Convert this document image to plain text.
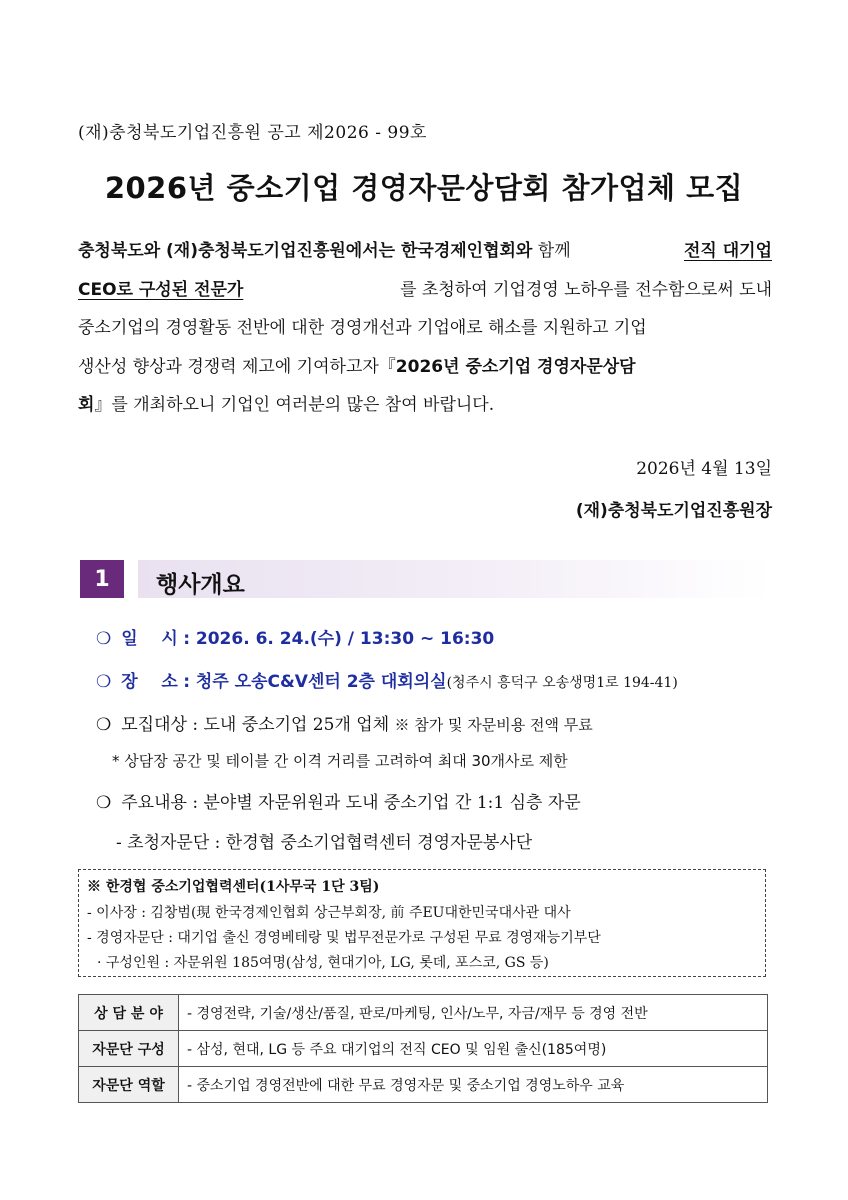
(재)충청북도기업진흥원 공고 제2026 - 99호
2026년 중소기업 경영자문상담회 참가업체 모집
충청북도와 (재)충청북도기업진흥원에서는 한국경제인협회와 함께	전직 대기업
CEO로 구성된 전문가	를 초청하여 기업경영 노하우를 전수함으로써 도내
중소기업의 경영활동 전반에 대한 경영개선과 기업애로 해소를 지원하고 기업
생산성 향상과 경쟁력 제고에 기여하고자『2026년 중소기업 경영자문상담
회』를 개최하오니 기업인 여러분의 많은 참여 바랍니다.
2026년 4월 13일
(재)충청북도기업진흥원장
1	행사개요
❍ 일    시 : 2026. 6. 24.(수) / 13:30 ~ 16:30
❍ 장    소 : 청주 오송C&V센터 2층 대회의실(청주시 흥덕구 오송생명1로 194-41)
❍ 모집대상 : 도내 중소기업 25개 업체 ※ 참가 및 자문비용 전액 무료
* 상담장 공간 및 테이블 간 이격 거리를 고려하여 최대 30개사로 제한
❍ 주요내용 : 분야별 자문위원과 도내 중소기업 간 1:1 심층 자문
- 초청자문단 : 한경협 중소기업협력센터 경영자문봉사단
※ 한경협 중소기업협력센터(1사무국 1단 3팀)
- 이사장 : 김창범(現 한국경제인협회 상근부회장, 前 주EU대한민국대사관 대사
- 경영자문단 : 대기업 출신 경영베테랑 및 법무전문가로 구성된 무료 경영재능기부단
· 구성인원 : 자문위원 185여명(삼성, 현대기아, LG, 롯데, 포스코, GS 등)
상 담 분 야	- 경영전략, 기술/생산/품질, 판로/마케팅, 인사/노무, 자금/재무 등 경영 전반
자문단 구성	- 삼성, 현대, LG 등 주요 대기업의 전직 CEO 및 임원 출신(185여명)
자문단 역할	- 중소기업 경영전반에 대한 무료 경영자문 및 중소기업 경영노하우 교육
